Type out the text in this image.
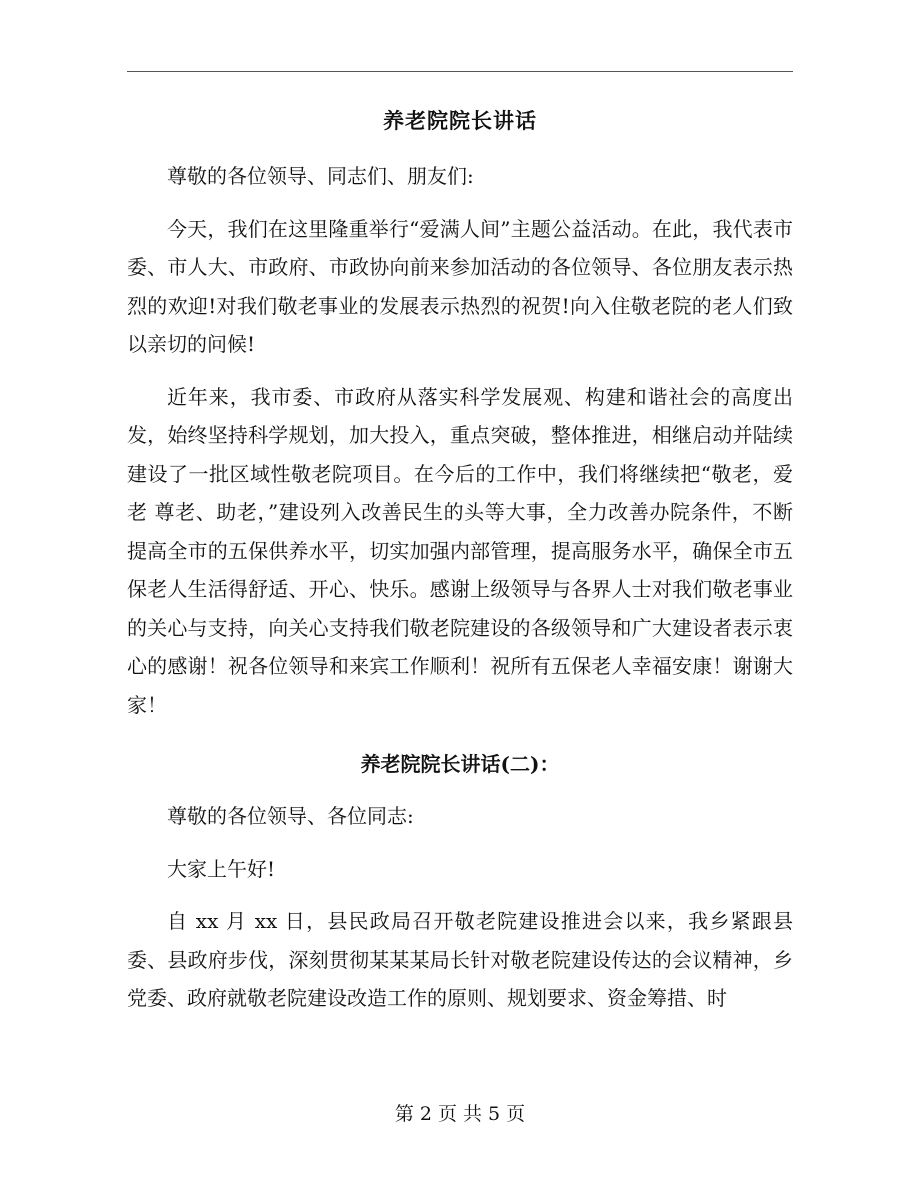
养老院院长讲话
尊敬的各位领导、同志们、朋友们:
今天，我们在这里隆重举行“爱满人间”主题公益活动。在此，我代表市委、市人大、市政府、市政协向前来参加活动的各位领导、各位朋友表示热烈的欢迎!对我们敬老事业的发展表示热烈的祝贺!向入住敬老院的老人们致以亲切的问候!
近年来，我市委、市政府从落实科学发展观、构建和谐社会的高度出发，始终坚持科学规划，加大投入，重点突破，整体推进，相继启动并陆续建设了一批区域性敬老院项目。在今后的工作中，我们将继续把“敬老，爱老 尊老、助老，”建设列入改善民生的头等大事，全力改善办院条件，不断提高全市的五保供养水平，切实加强内部管理，提高服务水平，确保全市五保老人生活得舒适、开心、快乐。感谢上级领导与各界人士对我们敬老事业的关心与支持，向关心支持我们敬老院建设的各级领导和广大建设者表示衷心的感谢！祝各位领导和来宾工作顺利！祝所有五保老人幸福安康！谢谢大家！
养老院院长讲话(二)：
尊敬的各位领导、各位同志:
大家上午好!
自 xx 月 xx 日，县民政局召开敬老院建设推进会以来，我乡紧跟县委、县政府步伐，深刻贯彻某某某局长针对敬老院建设传达的会议精神，乡党委、政府就敬老院建设改造工作的原则、规划要求、资金筹措、时
第 2 页 共 5 页
